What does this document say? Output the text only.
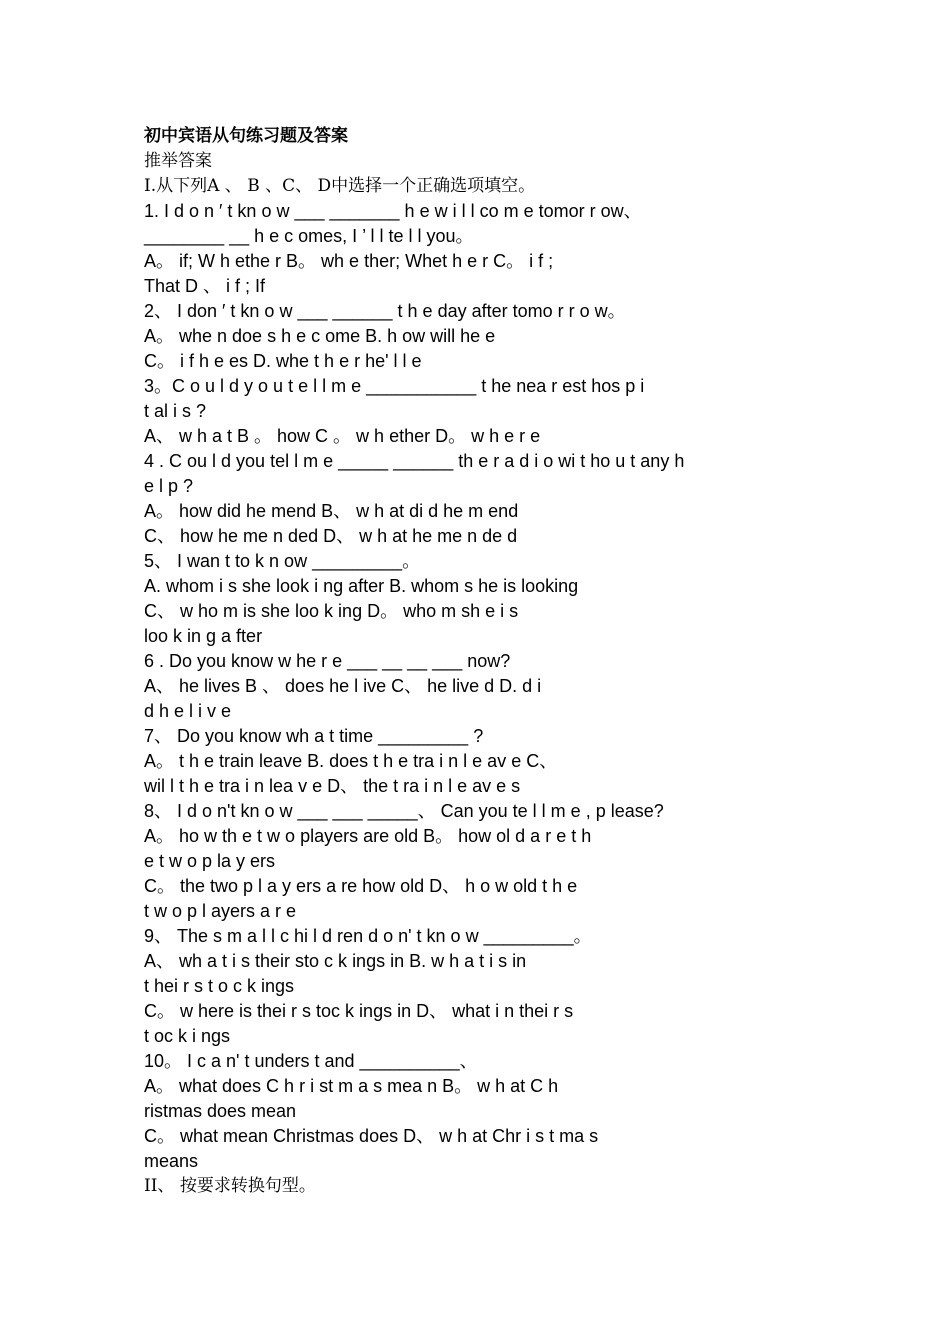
初中宾语从句练习题及答案
推举答案
I.从下列A 、 B 、C、 D中选择一个正确选项填空。
1. I d o n ′ t kn o w ___ _______ h e w i l l co m e tomor r ow、
________ __ h e c omes, I ’ l l te l l you。
A。 if; W h ethe r B。 wh e ther; Whet h e r C。 i f ;
That D 、 i f ; If
2、 I don ′ t kn o w ___ ______ t h e day after tomo r r o w。
A。 whe n doe s h e c ome B. h ow will he e
C。 i f h e es D. whe t h e r he' l l e
3。C o u l d y o u t e l l m e ___________ t he nea r est hos p i
t al i s ?
A、 w h a t B 。 how C 。 w h ether D。 w h e r e
4 . C ou l d you tel l m e _____ ______ th e r a d i o wi t ho u t any h
e l p ?
A。 how did he mend B、 w h at di d he m end
C、 how he me n ded D、 w h at he me n de d
5、 I wan t to k n ow _________。
A. whom i s she look i ng after B. whom s he is looking
C、 w ho m is she loo k ing D。 who m sh e i s
loo k in g a fter
6 . Do you know w he r e ___ __ __ ___ now?
A、 he lives B 、 does he l ive C、 he live d D. d i
d h e l i v e
7、 Do you know wh a t time _________ ?
A。 t h e train leave B. does t h e tra i n l e av e C、
wil l t h e tra i n lea v e D、 the t ra i n l e av e s
8、 I d o n't kn o w ___ ___ _____、 Can you te l l m e , p lease?
A。 ho w th e t w o players are old B。 how ol d a r e t h
e t w o p la y ers
C。 the two p l a y ers a re how old D、 h o w old t h e
t w o p l ayers a r e
9、 The s m a l l c hi l d ren d o n' t kn o w _________。
A、 wh a t i s their sto c k ings in B. w h a t i s in
t hei r s t o c k ings
C。 w here is thei r s toc k ings in D、 what i n thei r s
t oc k i ngs
10。 I c a n' t unders t and __________、
A。 what does C h r i st m a s mea n B。 w h at C h
ristmas does mean
C。 what mean Christmas does D、 w h at Chr i s t ma s
means
II、 按要求转换句型。
